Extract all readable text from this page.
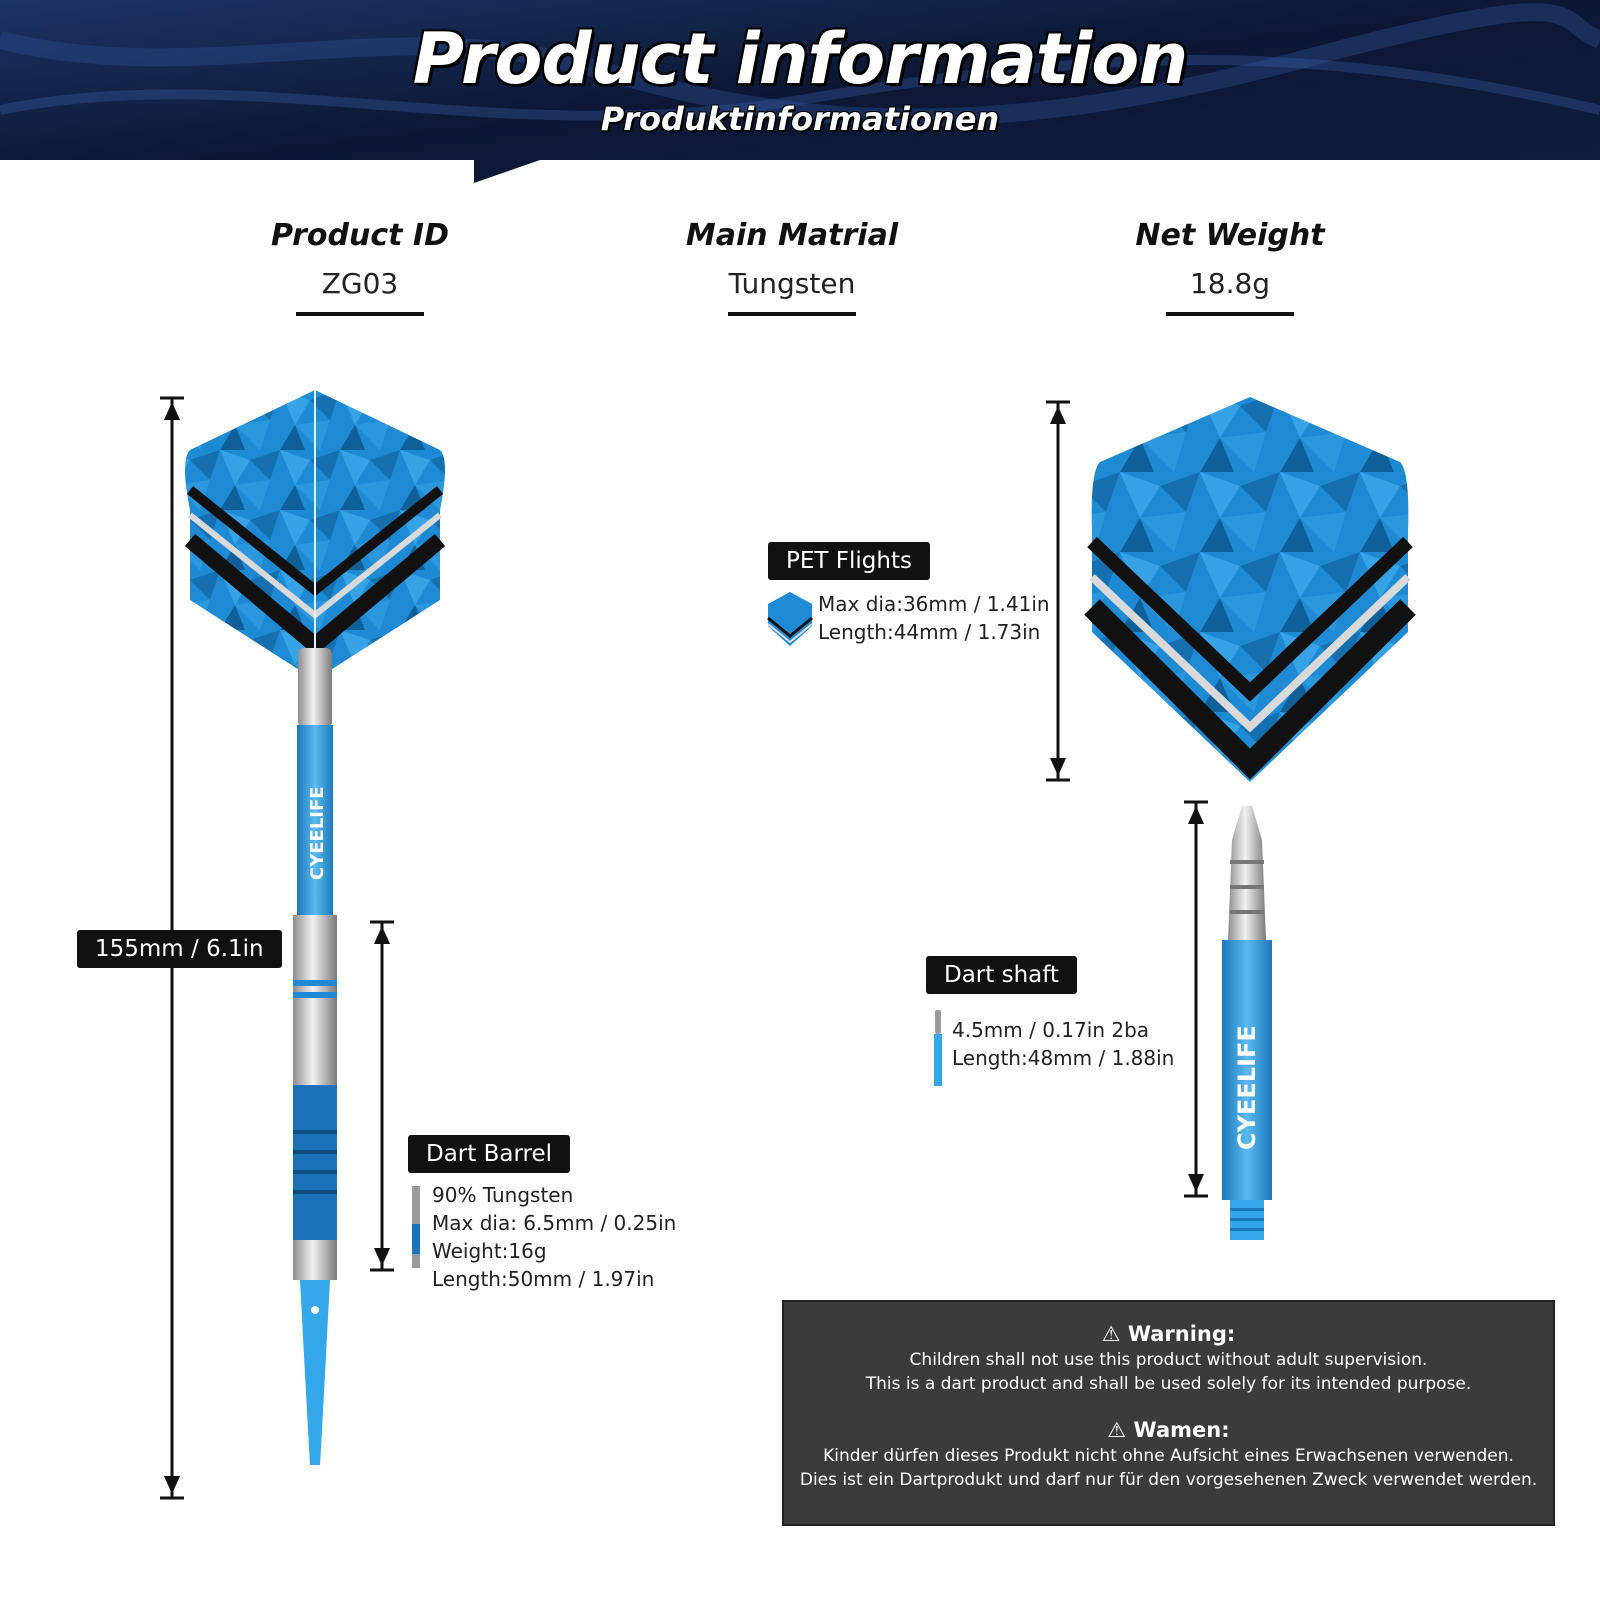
Product information
Produktinformationen
Product ID
ZG03
Main Matrial
Tungsten
Net Weight
18.8g
CYEELIFE
155mm / 6.1in
Dart Barrel
90% Tungsten
Max dia: 6.5mm / 0.25in
Weight:16g
Length:50mm / 1.97in
PET Flights
Max dia:36mm / 1.41in
Length:44mm / 1.73in
Dart shaft
4.5mm / 0.17in 2ba
Length:48mm / 1.88in CYEELIFE
⚠ Warning:
Children shall not use this product without adult supervision.
This is a dart product and shall be used solely for its intended purpose.
⚠ Wamen:
Kinder dürfen dieses Produkt nicht ohne Aufsicht eines Erwachsenen verwenden.
Dies ist ein Dartprodukt und darf nur für den vorgesehenen Zweck verwendet werden.
